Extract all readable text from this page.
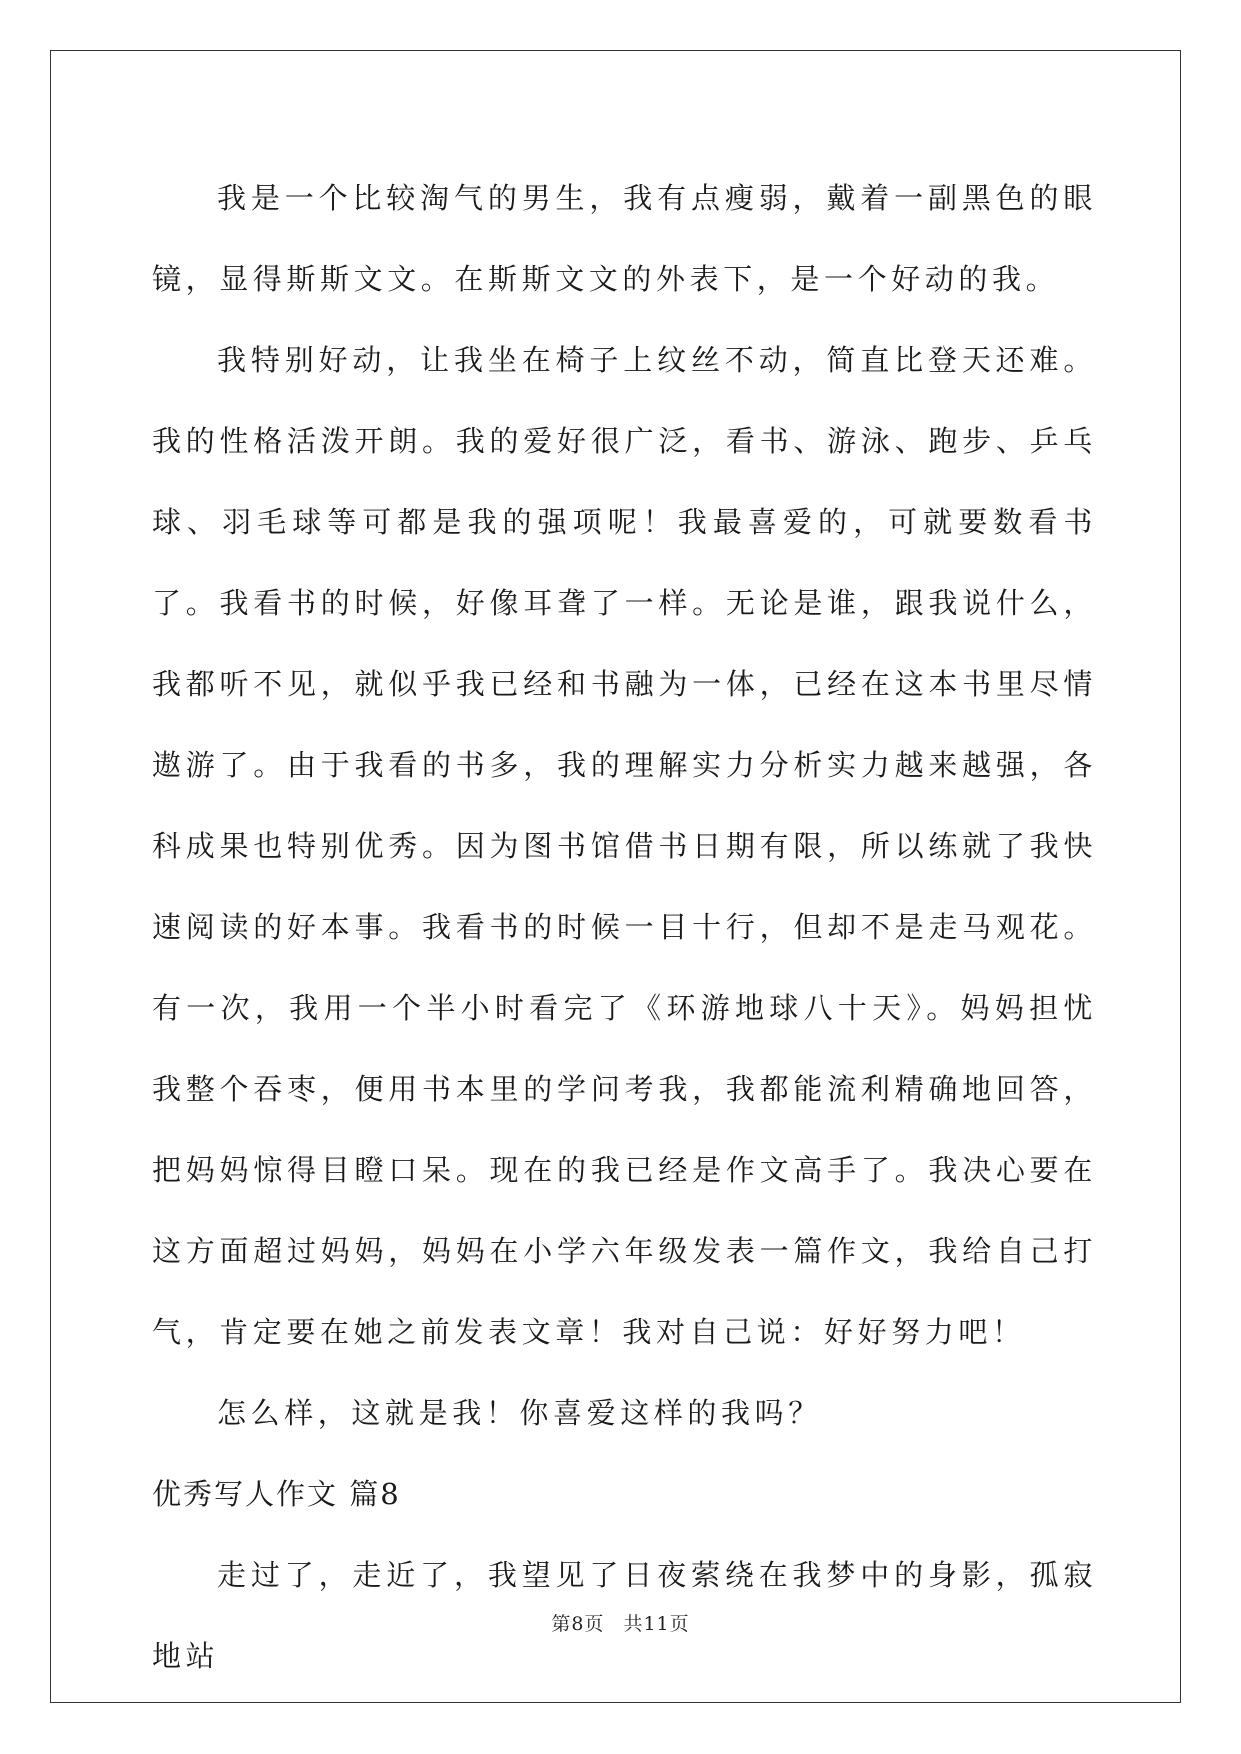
我是一个比较淘气的男生，我有点瘦弱，戴着一副黑色的眼镜，显得斯斯文文。在斯斯文文的外表下，是一个好动的我。

我特别好动，让我坐在椅子上纹丝不动，简直比登天还难。我的性格活泼开朗。我的爱好很广泛，看书、游泳、跑步、乒乓球、羽毛球等可都是我的强项呢！我最喜爱的，可就要数看书了。我看书的时候，好像耳聋了一样。无论是谁，跟我说什么，我都听不见，就似乎我已经和书融为一体，已经在这本书里尽情遨游了。由于我看的书多，我的理解实力分析实力越来越强，各科成果也特别优秀。因为图书馆借书日期有限，所以练就了我快速阅读的好本事。我看书的时候一目十行，但却不是走马观花。有一次，我用一个半小时看完了《环游地球八十天》。妈妈担忧我整个吞枣，便用书本里的学问考我，我都能流利精确地回答，把妈妈惊得目瞪口呆。现在的我已经是作文高手了。我决心要在这方面超过妈妈，妈妈在小学六年级发表一篇作文，我给自己打气，肯定要在她之前发表文章！我对自己说：好好努力吧！

怎么样，这就是我！你喜爱这样的我吗？

优秀写人作文 篇8

走过了，走近了，我望见了日夜萦绕在我梦中的身影，孤寂地站

第8页 共11页
